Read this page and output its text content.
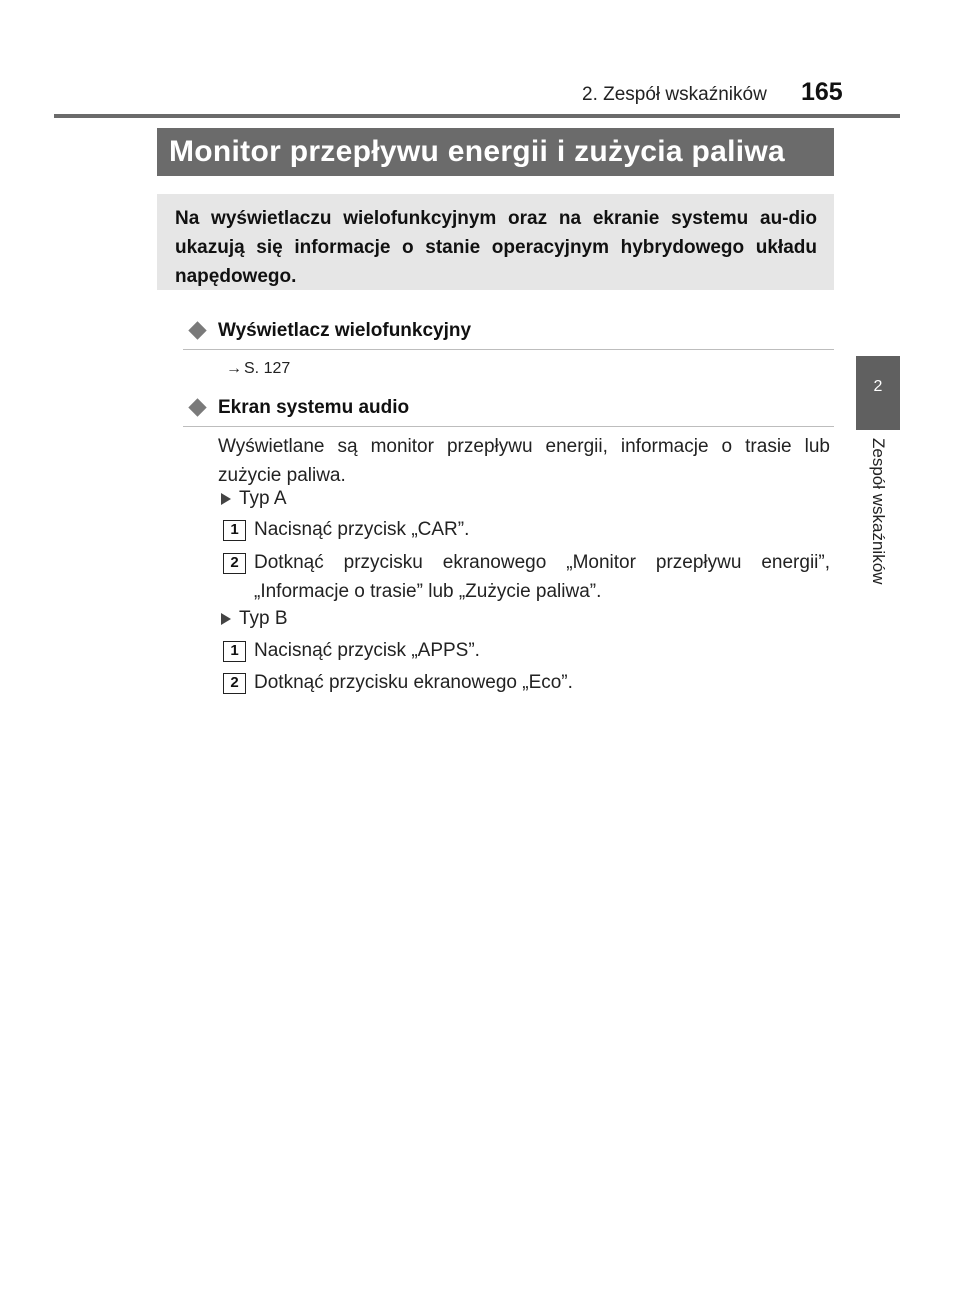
2. Zespół wskaźników 165
2
Zespół wskaźników
Monitor przepływu energii i zużycia paliwa

Na wyświetlaczu wielofunkcyjnym oraz na ekranie systemu au-dio ukazują się informacje o stanie operacyjnym hybrydowego układu napędowego.

Wyświetlacz wielofunkcyjny
→ S. 127
Ekran systemu audio

Wyświetlane są monitor przepływu energii, informacje o trasie lub zużycie paliwa.

Typ A
1 Nacisnąć przycisk „CAR”.
2 Dotknąć przycisku ekranowego „Monitor przepływu energii”, „Informacje o trasie” lub „Zużycie paliwa”.
Typ B
1 Nacisnąć przycisk „APPS”.
2 Dotknąć przycisku ekranowego „Eco”.
